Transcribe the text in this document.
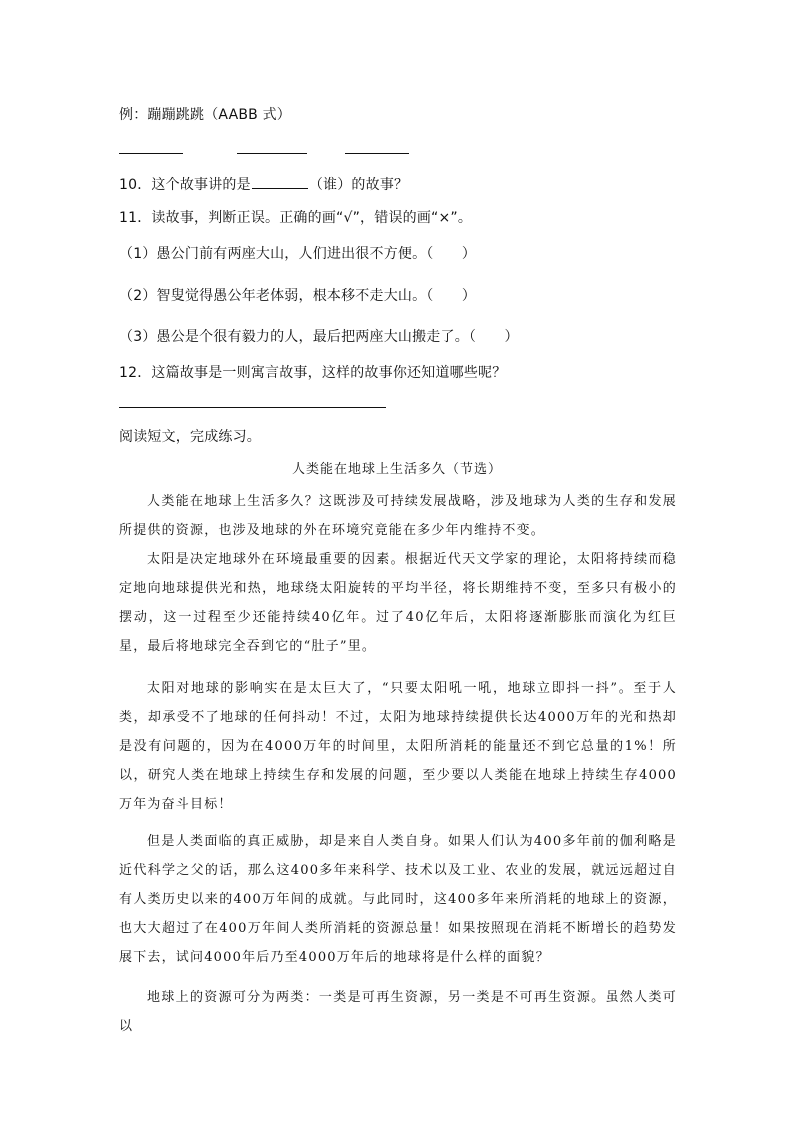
例：蹦蹦跳跳（AABB 式）
10．这个故事讲的是	（谁）的故事？
11．读故事，判断正误。正确的画“√”，错误的画“×”。
（1）愚公门前有两座大山，人们进出很不方便。（　　）
（2）智叟觉得愚公年老体弱，根本移不走大山。（　　）
（3）愚公是个很有毅力的人，最后把两座大山搬走了。（　　）
12．这篇故事是一则寓言故事，这样的故事你还知道哪些呢？
阅读短文，完成练习。
人类能在地球上生活多久（节选）

人类能在地球上生活多久？这既涉及可持续发展战略，涉及地球为人类的生存和发展所提供的资源，也涉及地球的外在环境究竟能在多少年内维持不变。

太阳是决定地球外在环境最重要的因素。根据近代天文学家的理论，太阳将持续而稳定地向地球提供光和热，地球绕太阳旋转的平均半径，将长期维持不变，至多只有极小的摆动，这一过程至少还能持续40亿年。过了40亿年后，太阳将逐渐膨胀而演化为红巨星，最后将地球完全吞到它的“肚子”里。

太阳对地球的影响实在是太巨大了，“只要太阳吼一吼，地球立即抖一抖”。至于人类，却承受不了地球的任何抖动！不过，太阳为地球持续提供长达4000万年的光和热却是没有问题的，因为在4000万年的时间里，太阳所消耗的能量还不到它总量的1%！所以，研究人类在地球上持续生存和发展的问题，至少要以人类能在地球上持续生存4000万年为奋斗目标！

但是人类面临的真正威胁，却是来自人类自身。如果人们认为400多年前的伽利略是近代科学之父的话，那么这400多年来科学、技术以及工业、农业的发展，就远远超过自有人类历史以来的400万年间的成就。与此同时，这400多年来所消耗的地球上的资源，也大大超过了在400万年间人类所消耗的资源总量！如果按照现在消耗不断增长的趋势发展下去，试问4000年后乃至4000万年后的地球将是什么样的面貌？

地球上的资源可分为两类：一类是可再生资源，另一类是不可再生资源。虽然人类可以
